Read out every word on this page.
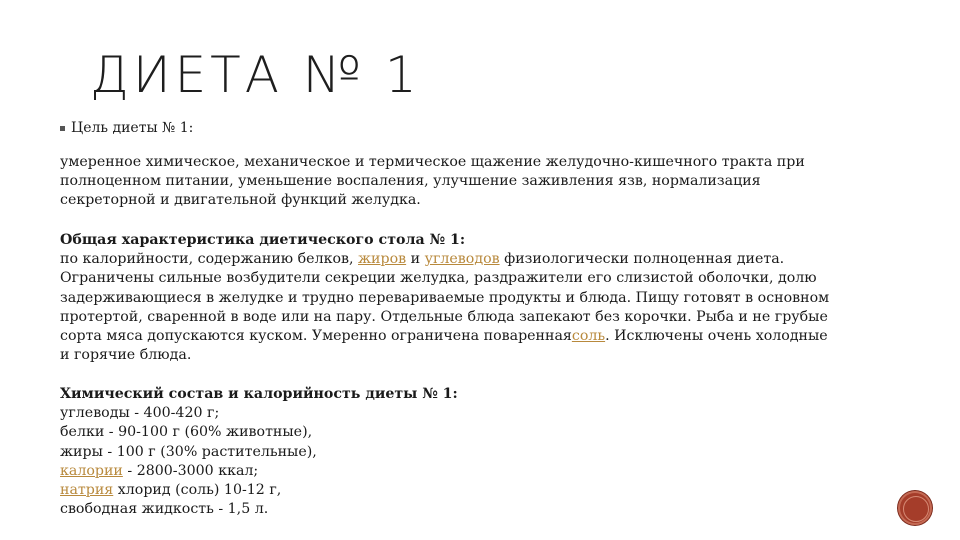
ДИЕТА № 1
Цель диеты № 1:
умеренное химическое, механическое и термическое щажение желудочно-кишечного тракта при
полноценном питании, уменьшение воспаления, улучшение заживления язв, нормализация
секреторной и двигательной функций желудка.
Общая характеристика диетического стола № 1:
по калорийности, содержанию белков, жиров и углеводов физиологически полноценная диета.
Ограничены сильные возбудители секреции желудка, раздражители его слизистой оболочки, долю
задерживающиеся в желудке и трудно перевариваемые продукты и блюда. Пищу готовят в основном
протертой, сваренной в воде или на пару. Отдельные блюда запекают без корочки. Рыба и не грубые
сорта мяса допускаются куском. Умеренно ограничена повареннаясоль. Исключены очень холодные
и горячие блюда.
Химический состав и калорийность диеты № 1:
углеводы - 400-420 г;
белки - 90-100 г (60% животные),
жиры - 100 г (30% растительные),
калории - 2800-3000 ккал;
натрия хлорид (соль) 10-12 г,
свободная жидкость - 1,5 л.
